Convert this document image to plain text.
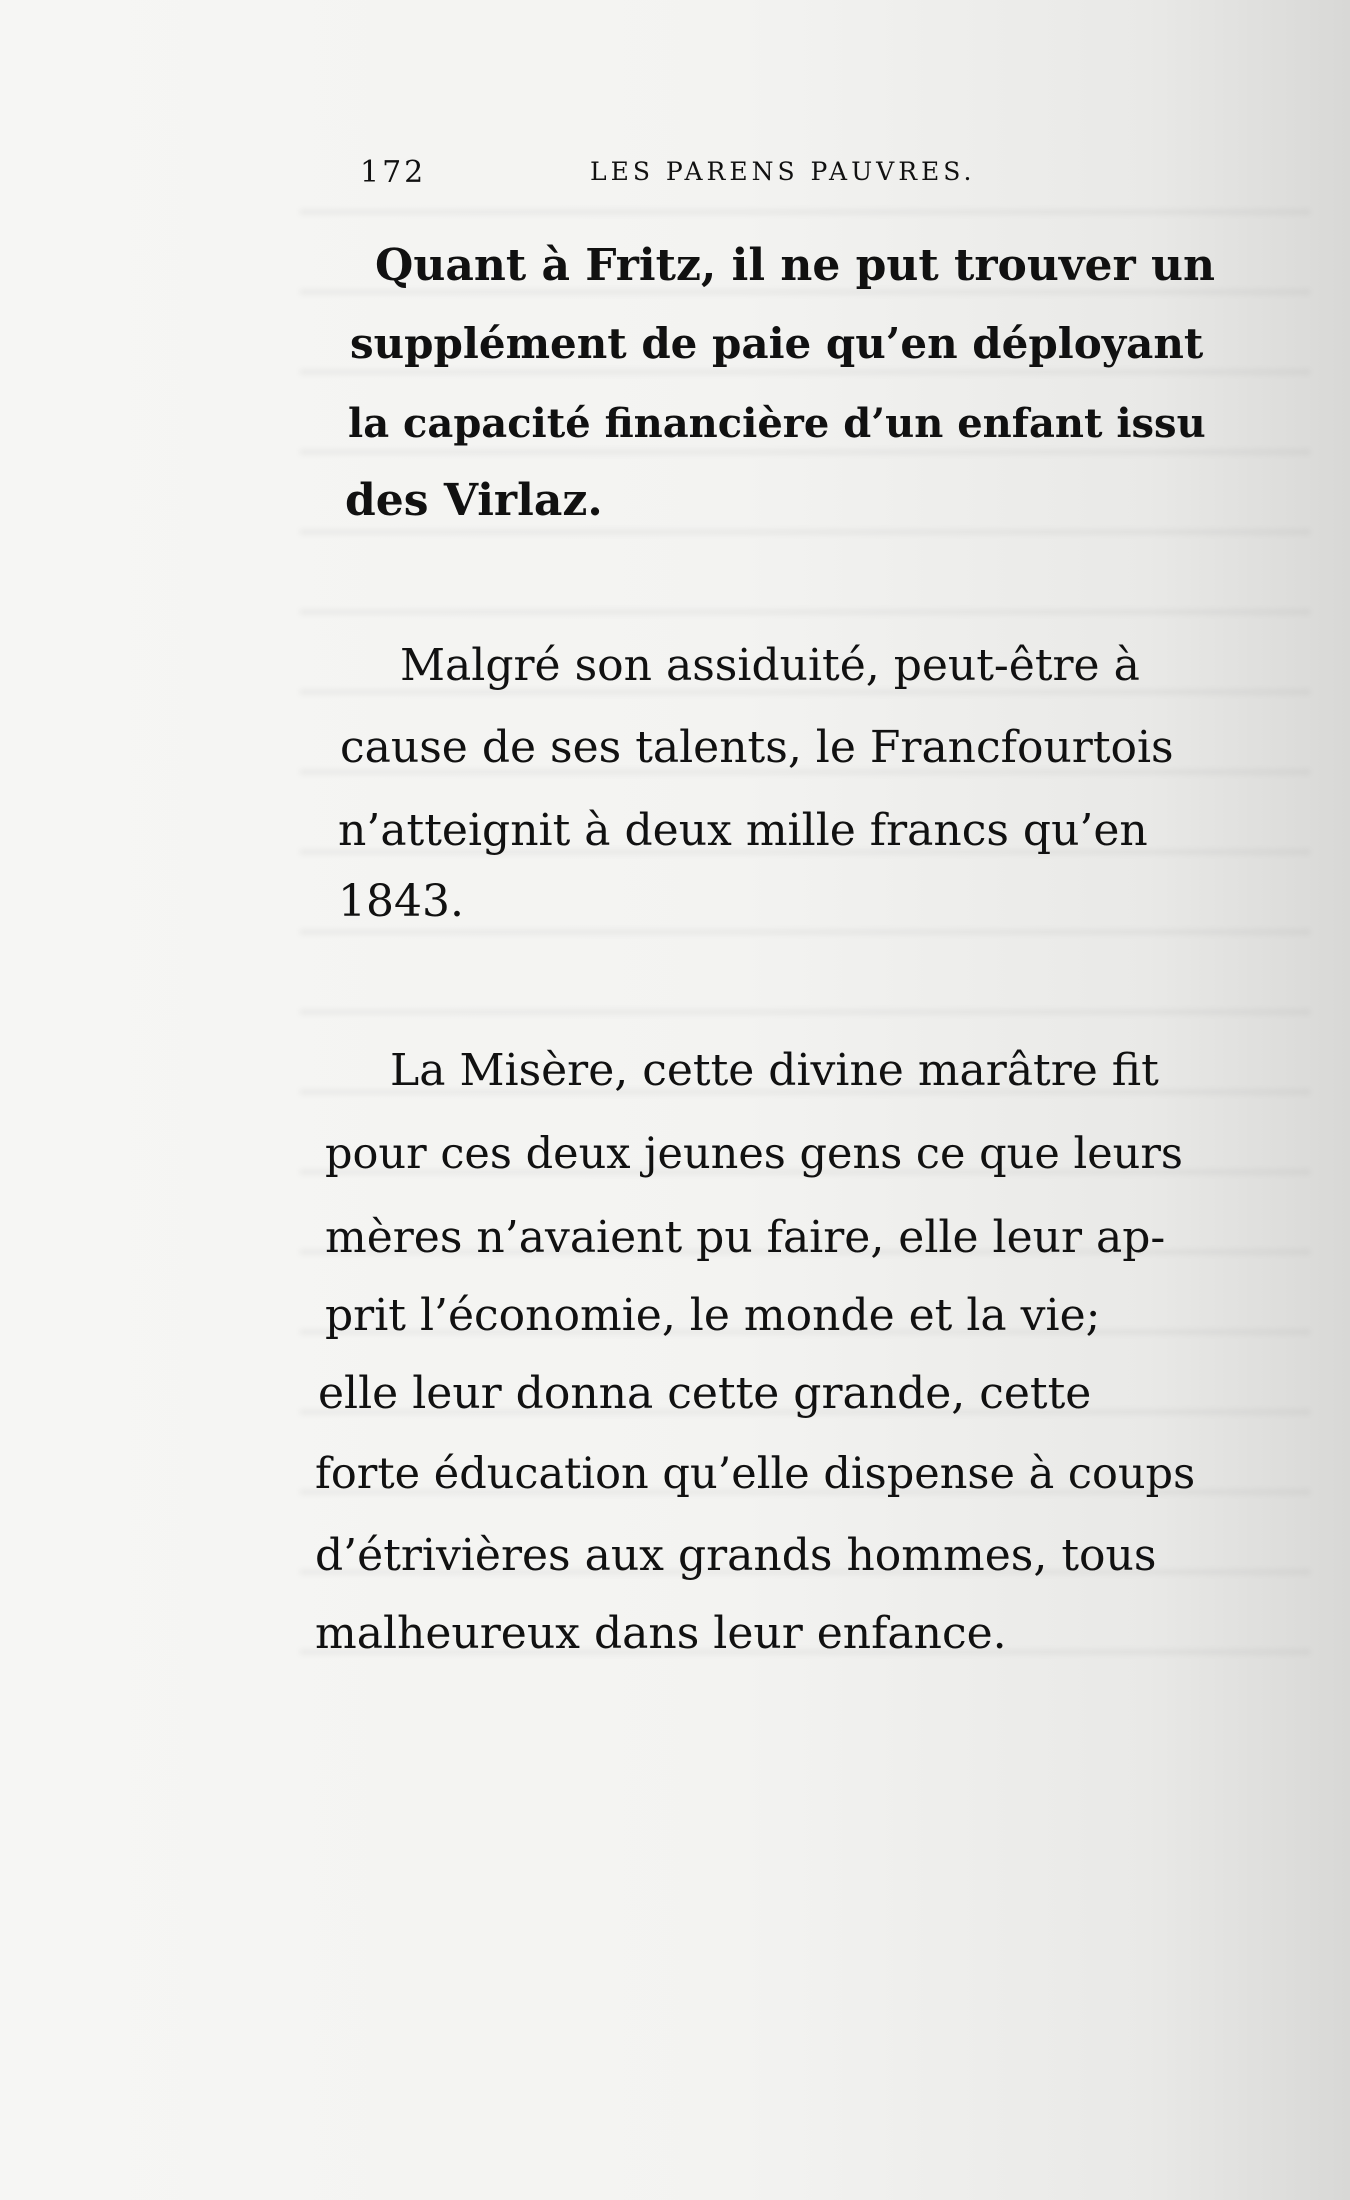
172	LES PARENS PAUVRES.
Quant à Fritz, il ne put trouver un
supplément de paie qu’en déployant
la capacité financière d’un enfant issu
des Virlaz.
Malgré son assiduité, peut-être à
cause de ses talents, le Francfourtois
n’atteignit à deux mille francs qu’en
1843.
La Misère, cette divine marâtre fit
pour ces deux jeunes gens ce que leurs
mères n’avaient pu faire, elle leur ap-
prit l’économie, le monde et la vie;
elle leur donna cette grande, cette
forte éducation qu’elle dispense à coups
d’étrivières aux grands hommes, tous
malheureux dans leur enfance.
